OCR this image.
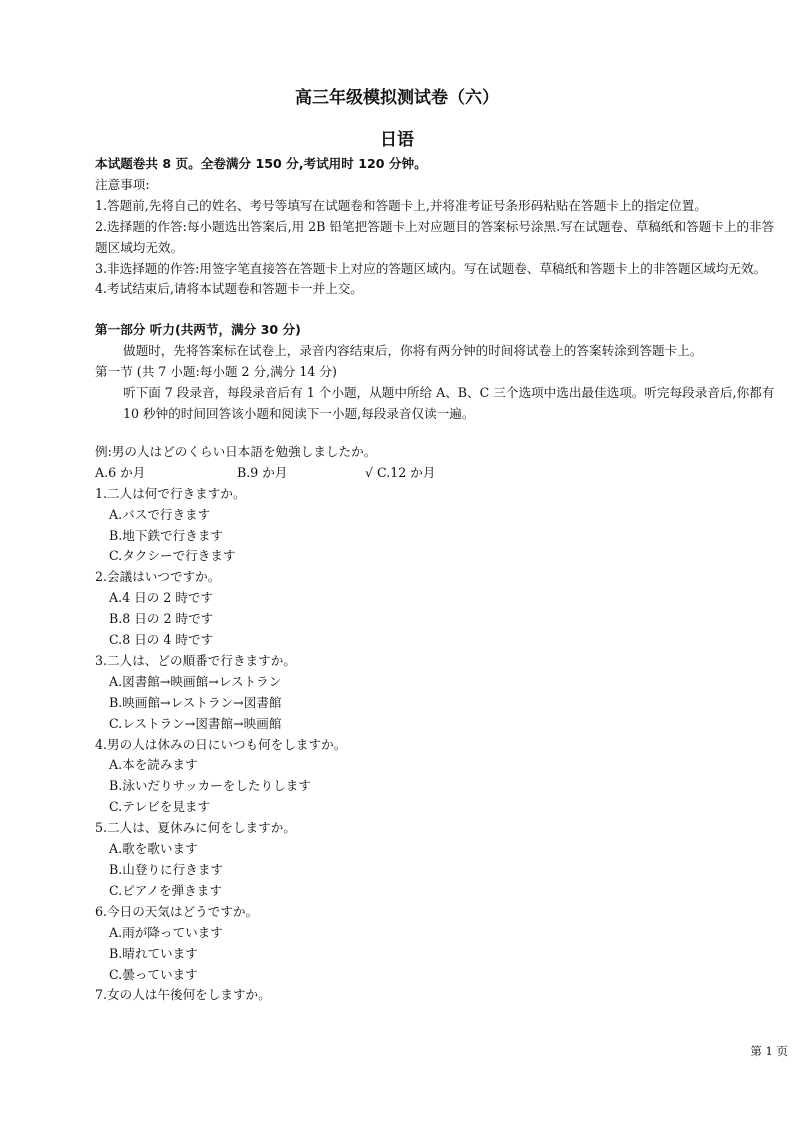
高三年级模拟测试卷（六）
日语
本试题卷共 8 页。全卷满分 150 分,考试用时 120 分钟。
注意事项:
1.答题前,先将自己的姓名、考号等填写在试题卷和答题卡上,并将准考证号条形码粘贴在答题卡上的指定位置。
2.选择题的作答:每小题选出答案后,用 2B 铅笔把答题卡上对应题目的答案标号涂黑.写在试题卷、草稿纸和答题卡上的非答题区域均无效。
3.非选择题的作答:用签字笔直接答在答题卡上对应的答题区域内。写在试题卷、草稿纸和答题卡上的非答题区域均无效。
4.考试结束后,请将本试题卷和答题卡一并上交。
第一部分 听力(共两节，满分 30 分)
做题时，先将答案标在试卷上，录音内容结束后，你将有两分钟的时间将试卷上的答案转涂到答题卡上。
第一节 (共 7 小题:每小题 2 分,满分 14 分)
听下面 7 段录音，每段录音后有 1 个小题，从题中所给 A、B、C 三个选项中选出最佳选项。听完每段录音后,你都有 10 秒钟的时间回答该小题和阅读下一小题,每段录音仅读一遍。
例:男の人はどのくらい日本語を勉強しましたか。
A.6 か月	B.9 か月	√ C.12 か月
1.二人は何で行きますか。
A.バスで行きます
B.地下鉄で行きます
C.タクシーで行きます
2.会議はいつですか。
A.4 日の 2 時です
B.8 日の 2 時です
C.8 日の 4 時です
3.二人は、どの順番で行きますか。
A.図書館→映画館→レストラン
B.映画館→レストラン→図書館
C.レストラン→図書館→映画館
4.男の人は休みの日にいつも何をしますか。
A.本を読みます
B.泳いだりサッカーをしたりします
C.テレビを見ます
5.二人は、夏休みに何をしますか。
A.歌を歌います
B.山登りに行きます
C.ピアノを弾きます
6.今日の天気はどうですか。
A.雨が降っています
B.晴れています
C.曇っています
7.女の人は午後何をしますか。
第 1 页
